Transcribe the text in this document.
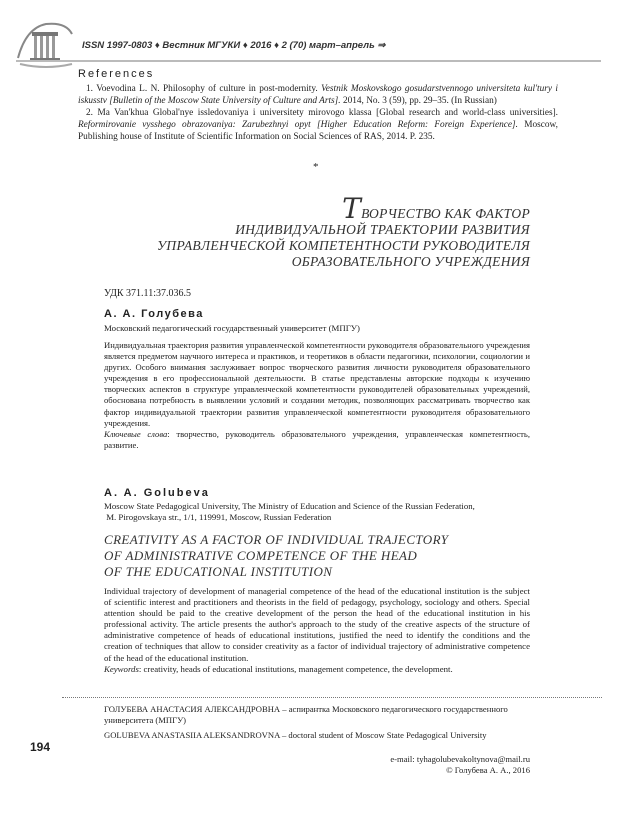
ISSN 1997-0803 ♦ Вестник МГУКИ ♦ 2016 ♦ 2 (70) март–апрель ⇒
References

1. Voevodina L. N. Philosophy of culture in post-modernity. Vestnik Moskovskogo gosudarstvennogo universiteta kul'tury i iskusstv [Bulletin of the Moscow State University of Culture and Arts]. 2014, No. 3 (59), pp. 29–35. (In Russian)

2. Ma Van'khua Global'nye issledovaniya i universitety mirovogo klassa [Global research and world-class universities]. Reformirovanie vysshego obrazovaniya: Zarubezhnyi opyt [Higher Education Reform: Foreign Experience]. Moscow, Publishing house of Institute of Scientific Information on Social Sciences of RAS, 2014. P. 235.

*
ТВОРЧЕСТВО КАК ФАКТОР
ИНДИВИДУАЛЬНОЙ ТРАЕКТОРИИ РАЗВИТИЯ
УПРАВЛЕНЧЕСКОЙ КОМПЕТЕНТНОСТИ РУКОВОДИТЕЛЯ
ОБРАЗОВАТЕЛЬНОГО УЧРЕЖДЕНИЯ
УДК 371.11:37.036.5
А. А. Голубева
Московский педагогический государственный университет (МПГУ)

Индивидуальная траектория развития управленческой компетентности руководителя образовательного учреждения является предметом научного интереса и практиков, и теоретиков в области педагогики, психологии, социологии и других. Особого внимания заслуживает вопрос творческого развития личности руководителя образовательного учреждения в его профессиональной деятельности. В статье представлены авторские подходы к изучению творческих аспектов в структуре управленческой компетентности руководителей образовательных учреждений, обоснована потребность в выявлении условий и создании методик, позволяющих рассматривать творчество как фактор индивидуальной траектории развития управленческой компетентности руководителя образовательного учреждения.

Ключевые слова: творчество, руководитель образовательного учреждения, управленческая компетентность, развитие.

A. A. Golubeva
Moscow State Pedagogical University, The Ministry of Education and Science of the Russian Federation,
M. Pirogovskaya str., 1/1, 119991, Moscow, Russian Federation
CREATIVITY AS A FACTOR OF INDIVIDUAL TRAJECTORY
OF ADMINISTRATIVE COMPETENCE OF THE HEAD
OF THE EDUCATIONAL INSTITUTION

Individual trajectory of development of managerial competence of the head of the educational institution is the subject of scientific interest and practitioners and theorists in the field of pedagogy, psychology, sociology and others. Special attention should be paid to the creative development of the person the head of the educational institution in his professional activity. The article presents the author's approach to the study of the creative aspects of the structure of administrative competence of heads of educational institutions, justified the need to identify the conditions and the creation of techniques that allow to consider creativity as a factor of individual trajectory of administrative competence of the head of the educational institution.

Keywords: creativity, heads of educational institutions, management competence, the development.

ГОЛУБЕВА АНАСТАСИЯ АЛЕКСАНДРОВНА – аспирантка Московского педагогического государственного университета (МПГУ)
GOLUBEVA ANASTASIIA ALEKSANDROVNA – doctoral student of Moscow State Pedagogical University
e-mail: tyhagolubevakoltynova@mail.ru
© Голубева А. А., 2016
194
